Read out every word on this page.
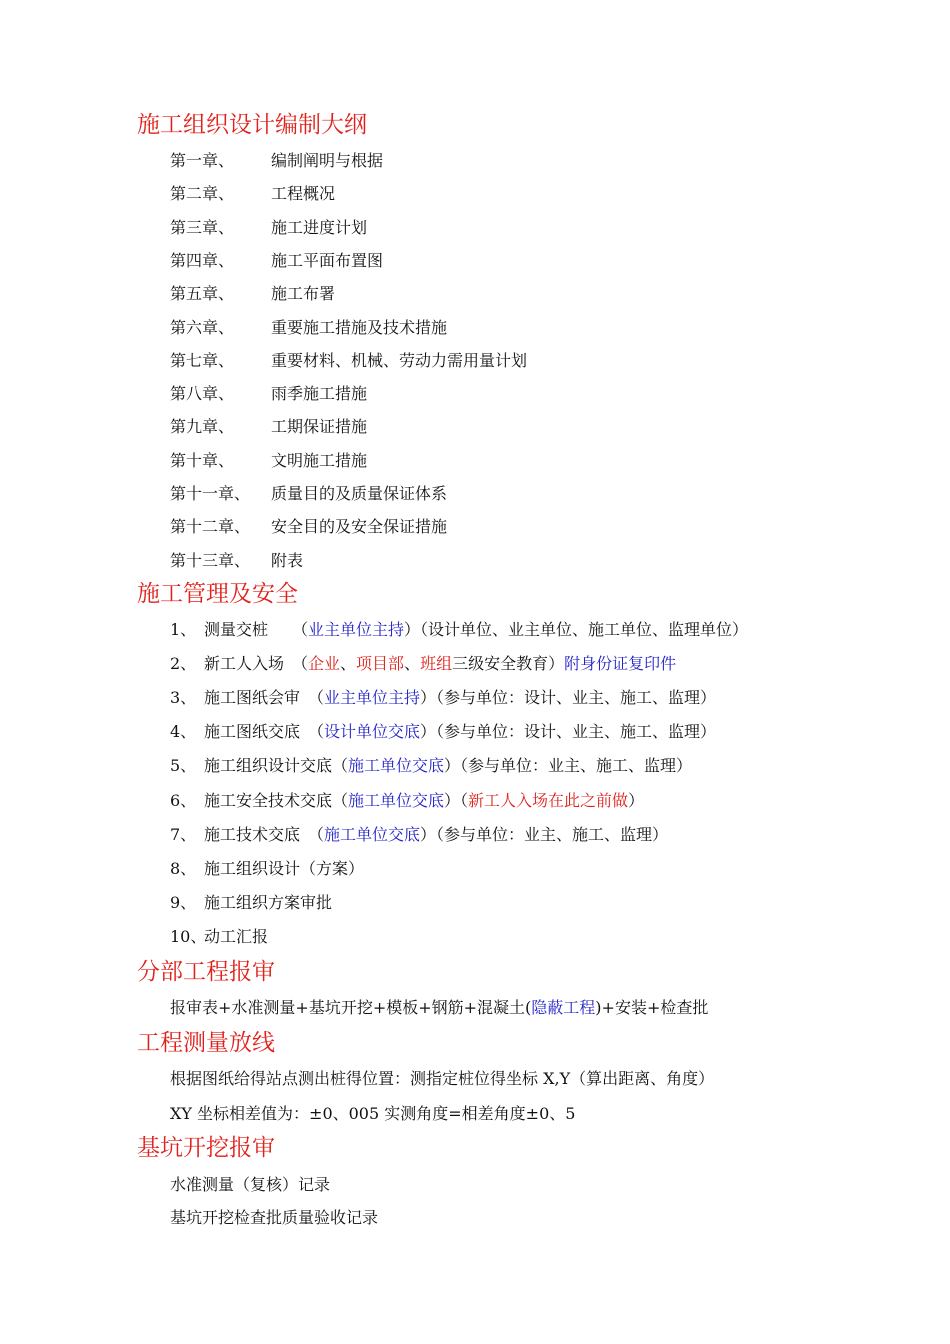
施工组织设计编制大纲
第一章、 编制阐明与根据
第二章、 工程概况
第三章、 施工进度计划
第四章、 施工平面布置图
第五章、 施工布署
第六章、 重要施工措施及技术措施
第七章、 重要材料、机械、劳动力需用量计划
第八章、 雨季施工措施
第九章、 工期保证措施
第十章、 文明施工措施
第十一章、 质量目的及质量保证体系
第十二章、 安全目的及安全保证措施
第十三章、 附表
施工管理及安全
1、 测量交桩　　（业主单位主持）（设计单位、业主单位、施工单位、监理单位）
2、 新工人入场　（企业、项目部、班组三级安全教育）附身份证复印件
3、 施工图纸会审　（业主单位主持）（参与单位：设计、业主、施工、监理）
4、 施工图纸交底　（设计单位交底）（参与单位：设计、业主、施工、监理）
5、 施工组织设计交底（施工单位交底）（参与单位：业主、施工、监理）
6、 施工安全技术交底（施工单位交底）（新工人入场在此之前做）
7、 施工技术交底　（施工单位交底）（参与单位：业主、施工、监理）
8、 施工组织设计（方案）
9、 施工组织方案审批
10、
动工汇报
分部工程报审
报审表+水准测量+基坑开挖+模板+钢筋+混凝土(隐蔽工程)+安装+检查批
工程测量放线
根据图纸给得站点测出桩得位置：测指定桩位得坐标 X,Y（算出距离、角度）
XY 坐标相差值为：±0、005 实测角度=相差角度±0、5
基坑开挖报审
水准测量（复核）记录
基坑开挖检查批质量验收记录
